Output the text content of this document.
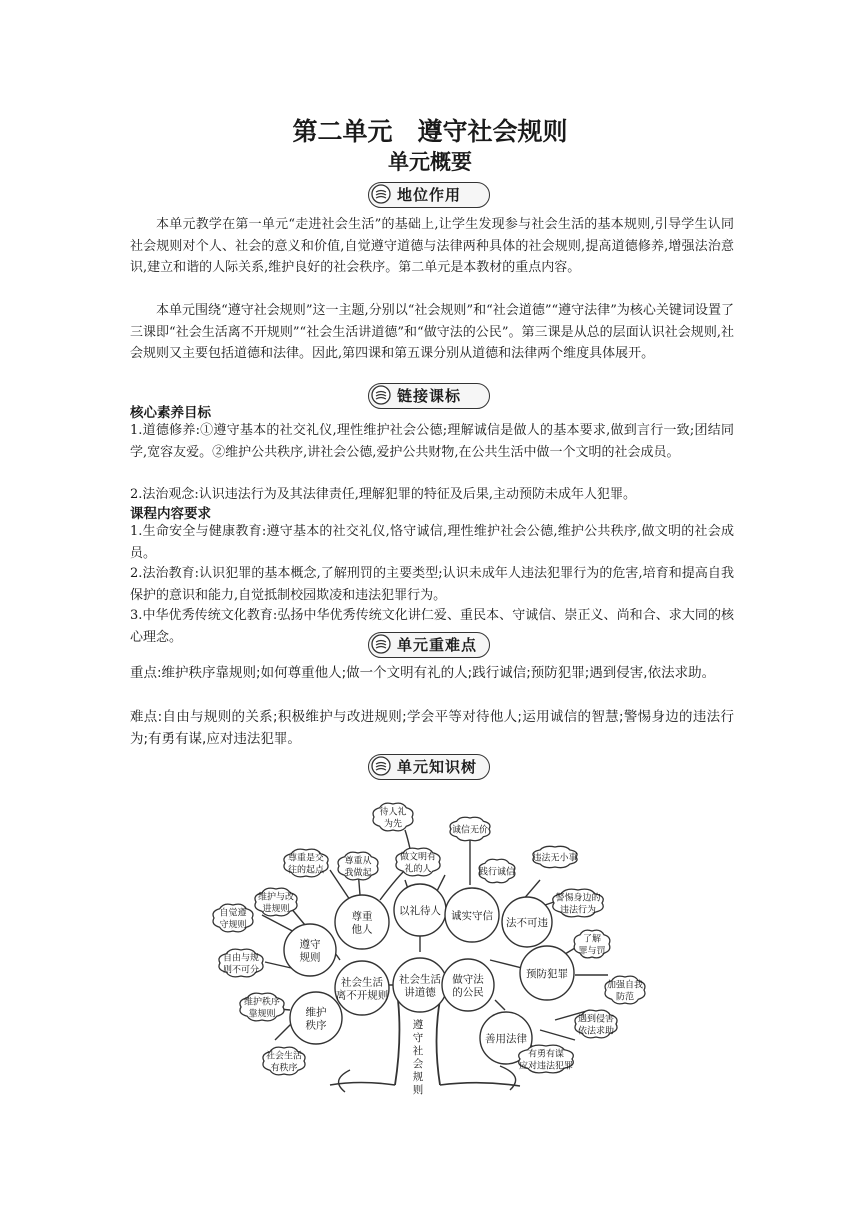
第二单元　遵守社会规则
单元概要
地位作用

本单元教学在第一单元“走进社会生活”的基础上,让学生发现参与社会生活的基本规则,引导学生认同社会规则对个人、社会的意义和价值,自觉遵守道德与法律两种具体的社会规则,提高道德修养,增强法治意识,建立和谐的人际关系,维护良好的社会秩序。第二单元是本教材的重点内容。

本单元围绕“遵守社会规则”这一主题,分别以“社会规则”和“社会道德”“遵守法律”为核心关键词设置了三课即“社会生活离不开规则”“社会生活讲道德”和“做守法的公民”。第三课是从总的层面认识社会规则,社会规则又主要包括道德和法律。因此,第四课和第五课分别从道德和法律两个维度具体展开。

链接课标

核心素养目标

1.道德修养:①遵守基本的社交礼仪,理性维护社会公德;理解诚信是做人的基本要求,做到言行一致;团结同学,宽容友爱。②维护公共秩序,讲社会公德,爱护公共财物,在公共生活中做一个文明的社会成员。

2.法治观念:认识违法行为及其法律责任,理解犯罪的特征及后果,主动预防未成年人犯罪。

课程内容要求

1.生命安全与健康教育:遵守基本的社交礼仪,恪守诚信,理性维护社会公德,维护公共秩序,做文明的社会成员。

2.法治教育:认识犯罪的基本概念,了解刑罚的主要类型;认识未成年人违法犯罪行为的危害,培育和提高自我保护的意识和能力,自觉抵制校园欺凌和违法犯罪行为。

3.中华优秀传统文化教育:弘扬中华优秀传统文化讲仁爱、重民本、守诚信、崇正义、尚和合、求大同的核心理念。	单元重难点

重点:维护秩序靠规则;如何尊重他人;做一个文明有礼的人;践行诚信;预防犯罪;遇到侵害,依法求助。

难点:自由与规则的关系;积极维护与改进规则;学会平等对待他人;运用诚信的智慧;警惕身边的违法行为;有勇有谋,应对违法犯罪。

单元知识树
社会生活
讲道德
社会生活
离不开规则
做守法
的公民
遵守
规则
维护
秩序
尊重
他人
以礼待人 诚实守信
法不可违
预防犯罪
善用法律
待人礼
为先
诚信无价
尊重是交
往的起点
尊重从
我做起
做文明有
礼的人	践行诚信
违法无小事
维护与改
进规则
警惕身边的
违法行为
自觉遵
守规则
了解
罪与罚
自由与规
则不可分
加强自我
防范
维护秩序
靠规则	遇到侵害
依法求助
社会生活
有秩序
有勇有谋
应对违法犯罪
遵
守
社
会
规
则
